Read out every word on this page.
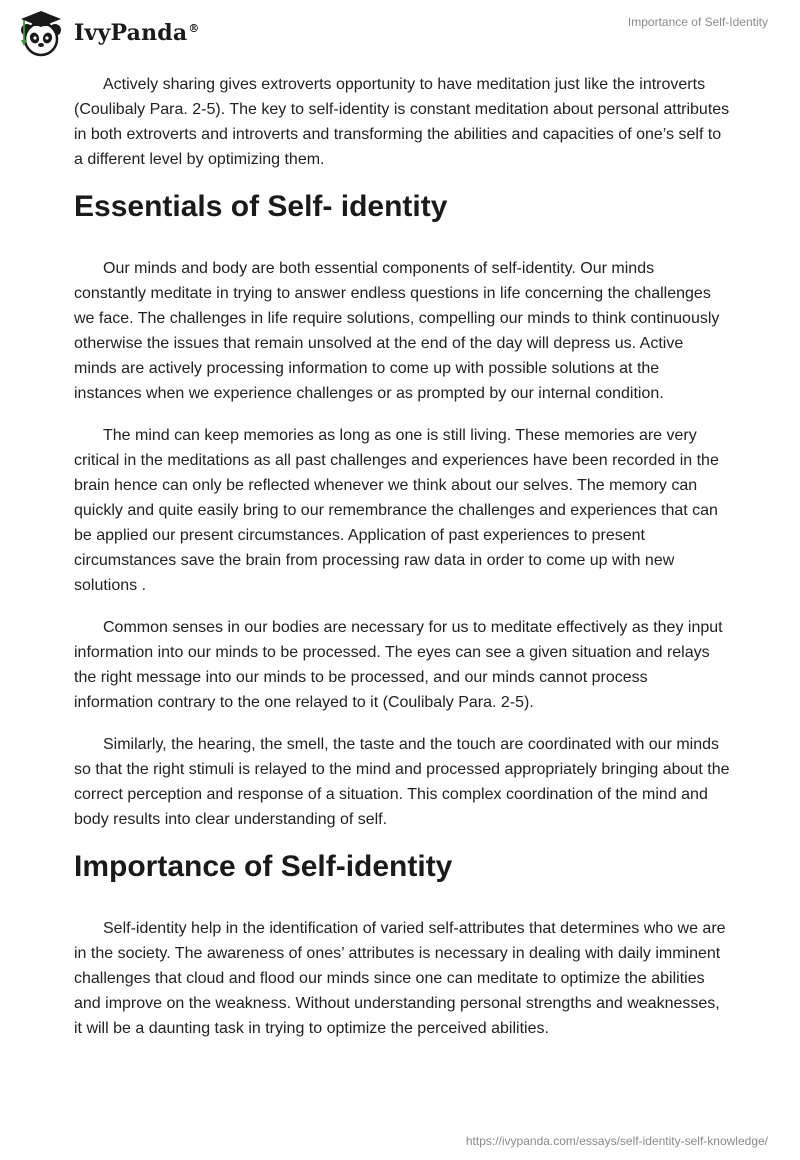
IvyPanda®	Importance of Self-Identity

Actively sharing gives extroverts opportunity to have meditation just like the introverts (Coulibaly Para. 2-5). The key to self-identity is constant meditation about personal attributes in both extroverts and introverts and transforming the abilities and capacities of one’s self to a different level by optimizing them.

Essentials of Self- identity

Our minds and body are both essential components of self-identity. Our minds constantly meditate in trying to answer endless questions in life concerning the challenges we face. The challenges in life require solutions, compelling our minds to think continuously otherwise the issues that remain unsolved at the end of the day will depress us. Active minds are actively processing information to come up with possible solutions at the instances when we experience challenges or as prompted by our internal condition.

The mind can keep memories as long as one is still living. These memories are very critical in the meditations as all past challenges and experiences have been recorded in the brain hence can only be reflected whenever we think about our selves. The memory can quickly and quite easily bring to our remembrance the challenges and experiences that can be applied our present circumstances. Application of past experiences to present circumstances save the brain from processing raw data in order to come up with new solutions .

Common senses in our bodies are necessary for us to meditate effectively as they input information into our minds to be processed. The eyes can see a given situation and relays the right message into our minds to be processed, and our minds cannot process information contrary to the one relayed to it (Coulibaly Para. 2-5).

Similarly, the hearing, the smell, the taste and the touch are coordinated with our minds so that the right stimuli is relayed to the mind and processed appropriately bringing about the correct perception and response of a situation. This complex coordination of the mind and body results into clear understanding of self.

Importance of Self-identity

Self-identity help in the identification of varied self-attributes that determines who we are in the society. The awareness of ones’ attributes is necessary in dealing with daily imminent challenges that cloud and flood our minds since one can meditate to optimize the abilities and improve on the weakness. Without understanding personal strengths and weaknesses, it will be a daunting task in trying to optimize the perceived abilities.

https://ivypanda.com/essays/self-identity-self-knowledge/
